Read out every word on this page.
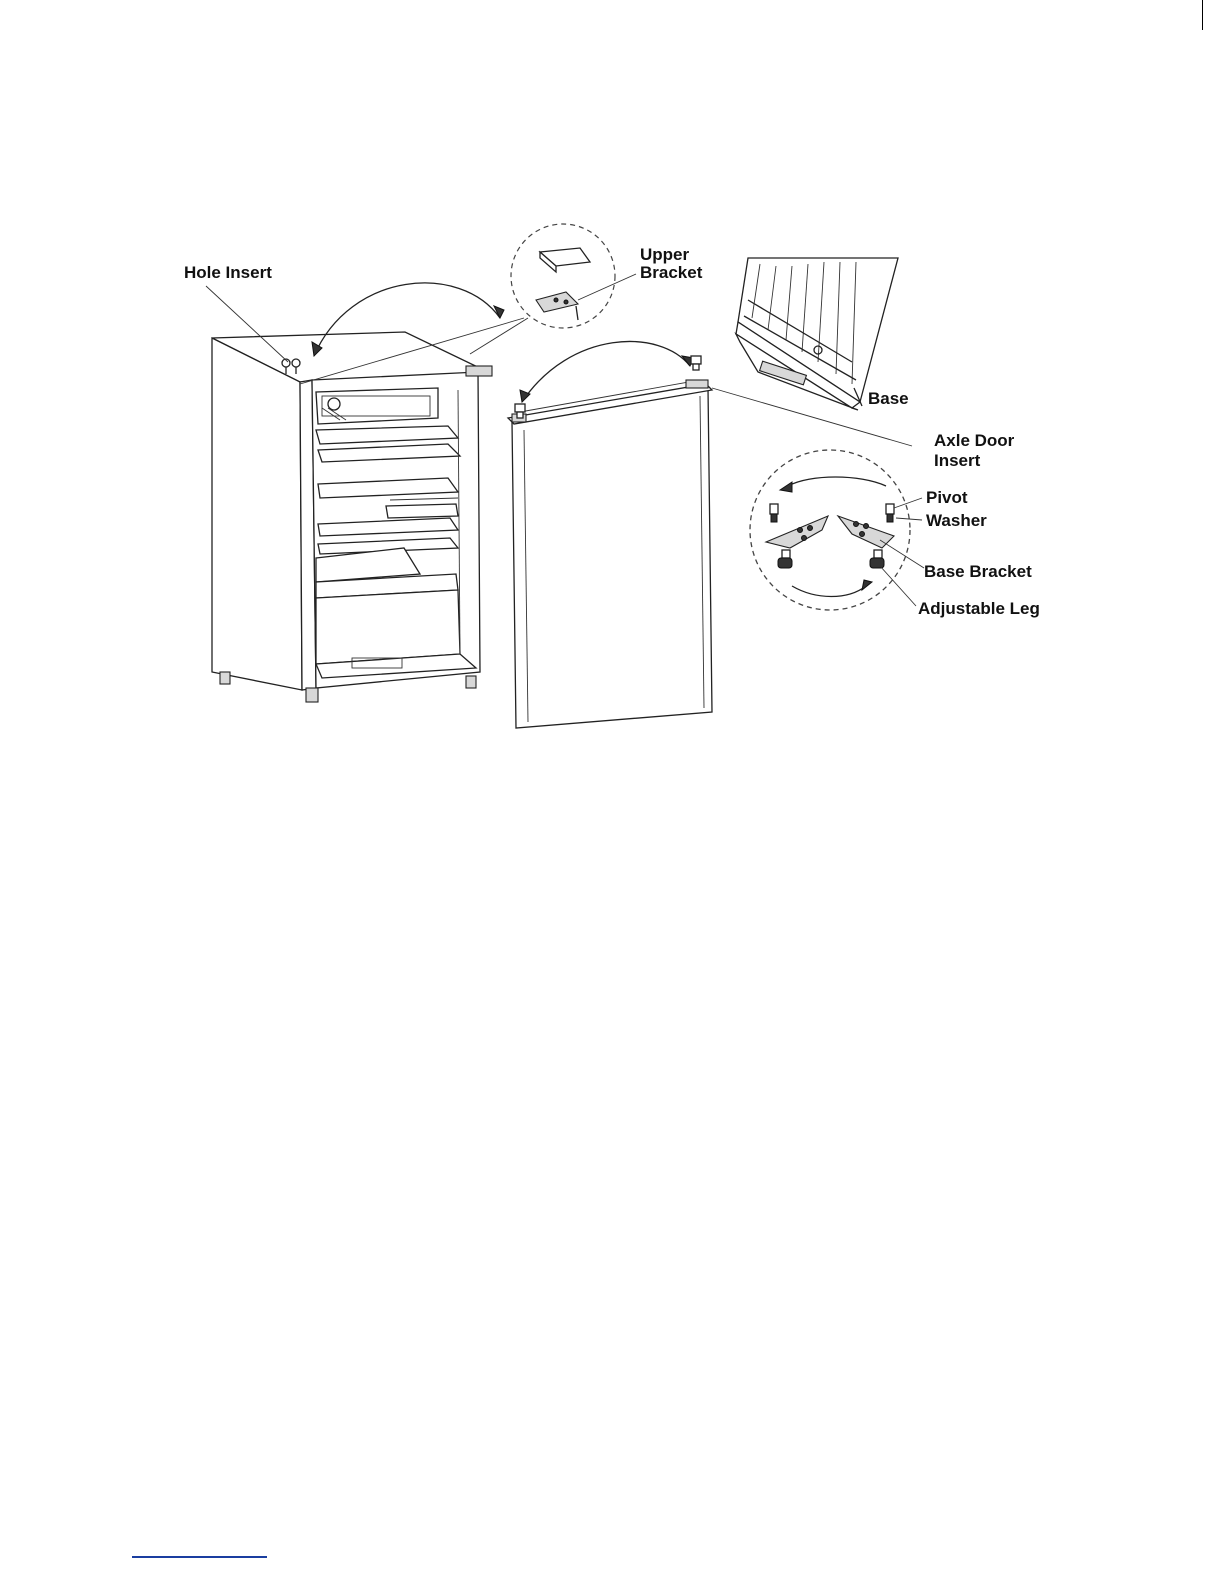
Hole Insert
Upper
Bracket
Base
Axle Door
Insert
Pivot
Washer
Base Bracket
Adjustable Leg
